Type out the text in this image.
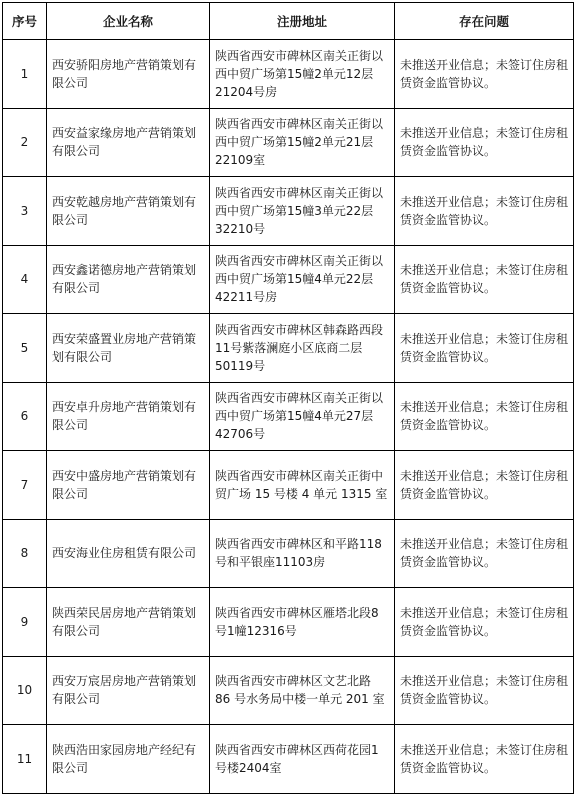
序号	企业名称	注册地址	存在问题
1	西安骄阳房地产营销策划有限公司	陕西省西安市碑林区南关正街以西中贸广场第15幢2单元12层21204号房	未推送开业信息；未签订住房租赁资金监管协议。
2	西安益家缘房地产营销策划有限公司	陕西省西安市碑林区南关正街以西中贸广场第15幢2单元21层22109室	未推送开业信息；未签订住房租赁资金监管协议。
3	西安乾越房地产营销策划有限公司	陕西省西安市碑林区南关正街以西中贸广场第15幢3单元22层32210号	未推送开业信息；未签订住房租赁资金监管协议。
4	西安鑫诺德房地产营销策划有限公司	陕西省西安市碑林区南关正街以西中贸广场第15幢4单元22层42211号房	未推送开业信息；未签订住房租赁资金监管协议。
5	西安荣盛置业房地产营销策划有限公司	陕西省西安市碑林区韩森路西段11号紫落澜庭小区底商二层50119号	未推送开业信息；未签订住房租赁资金监管协议。
6	西安卓升房地产营销策划有限公司	陕西省西安市碑林区南关正街以西中贸广场第15幢4单元27层42706号	未推送开业信息；未签订住房租赁资金监管协议。
7	西安中盛房地产营销策划有限公司	陕西省西安市碑林区南关正街中贸广场 15 号楼 4 单元 1315 室	未推送开业信息；未签订住房租赁资金监管协议。
8	西安海业住房租赁有限公司	陕西省西安市碑林区和平路118号和平银座11103房	未推送开业信息；未签订住房租赁资金监管协议。
9	陕西荣民居房地产营销策划有限公司	陕西省西安市碑林区雁塔北段8号1幢12316号	未推送开业信息；未签订住房租赁资金监管协议。
10	西安万宸居房地产营销策划有限公司	陕西省西安市碑林区文艺北路 86 号水务局中楼一单元 201 室	未推送开业信息；未签订住房租赁资金监管协议。
11	陕西浩田家园房地产经纪有限公司	陕西省西安市碑林区西荷花园1号楼2404室	未推送开业信息；未签订住房租赁资金监管协议。
